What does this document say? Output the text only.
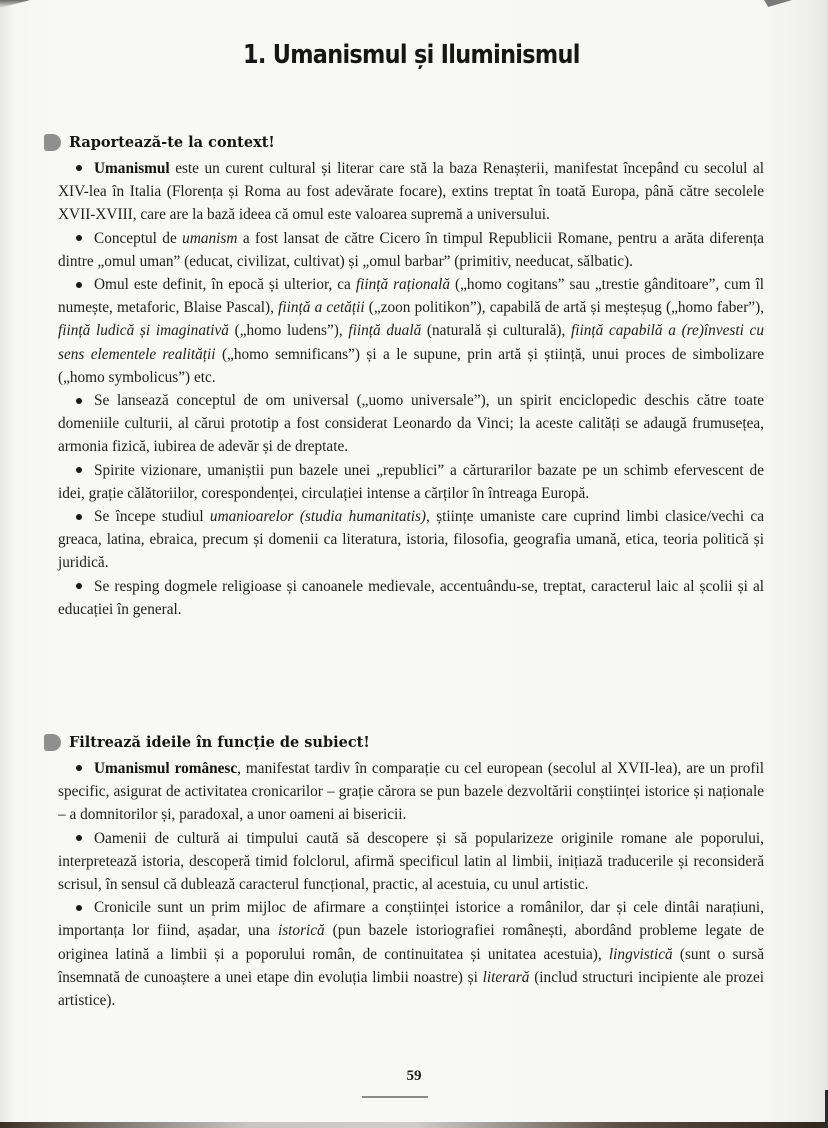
1. Umanismul și Iluminismul
Raportează-te la context!

Umanismul este un curent cultural și literar care stă la baza Renașterii, manifestat începând cu secolul al XIV-lea în Italia (Florența și Roma au fost adevărate focare), extins treptat în toată Europa, până către secolele XVII-XVIII, care are la bază ideea că omul este valoarea supremă a universului.

Conceptul de umanism a fost lansat de către Cicero în timpul Republicii Romane, pentru a arăta diferența dintre „omul uman” (educat, civilizat, cultivat) și „omul barbar” (primitiv, needucat, sălbatic).

Omul este definit, în epocă și ulterior, ca ființă rațională („homo cogitans” sau „trestie gânditoare”, cum îl numește, metaforic, Blaise Pascal), ființă a cetății („zoon politikon”), capabilă de artă și meșteșug („homo faber”), ființă ludică și imaginativă („homo ludens”), ființă duală (naturală și culturală), ființă capabilă a (re)învesti cu sens elementele realității („homo semnificans”) și a le supune, prin artă și știință, unui proces de simbolizare („homo symbolicus”) etc.

Se lansează conceptul de om universal („uomo universale”), un spirit enciclopedic deschis către toate domeniile culturii, al cărui prototip a fost considerat Leonardo da Vinci; la aceste calități se adaugă frumusețea, armonia fizică, iubirea de adevăr și de dreptate.

Spirite vizionare, umaniștii pun bazele unei „republici” a cărturarilor bazate pe un schimb efervescent de idei, grație călătoriilor, corespondenței, circulației intense a cărților în întreaga Europă.

Se începe studiul umanioarelor (studia humanitatis), științe umaniste care cuprind limbi clasice/vechi ca greaca, latina, ebraica, precum și domenii ca literatura, istoria, filosofia, geografia umană, etica, teoria politică și juridică.

Se resping dogmele religioase și canoanele medievale, accentuându-se, treptat, caracterul laic al școlii și al educației în general.

Filtrează ideile în funcție de subiect!

Umanismul românesc, manifestat tardiv în comparație cu cel european (secolul al XVII-lea), are un profil specific, asigurat de activitatea cronicarilor – grație cărora se pun bazele dezvoltării conștiinței istorice și naționale – a domnitorilor și, paradoxal, a unor oameni ai bisericii.

Oamenii de cultură ai timpului caută să descopere și să popularizeze originile romane ale poporului, interpretează istoria, descoperă timid folclorul, afirmă specificul latin al limbii, inițiază traducerile și reconsideră scrisul, în sensul că dublează caracterul funcțional, practic, al acestuia, cu unul artistic.

Cronicile sunt un prim mijloc de afirmare a conștiinței istorice a românilor, dar și cele dintâi narațiuni, importanța lor fiind, așadar, una istorică (pun bazele istoriografiei românești, abordând probleme legate de originea latină a limbii și a poporului român, de continuitatea și unitatea acestuia), lingvistică (sunt o sursă însemnată de cunoaștere a unei etape din evoluția limbii noastre) și literară (includ structuri incipiente ale prozei artistice).

59
